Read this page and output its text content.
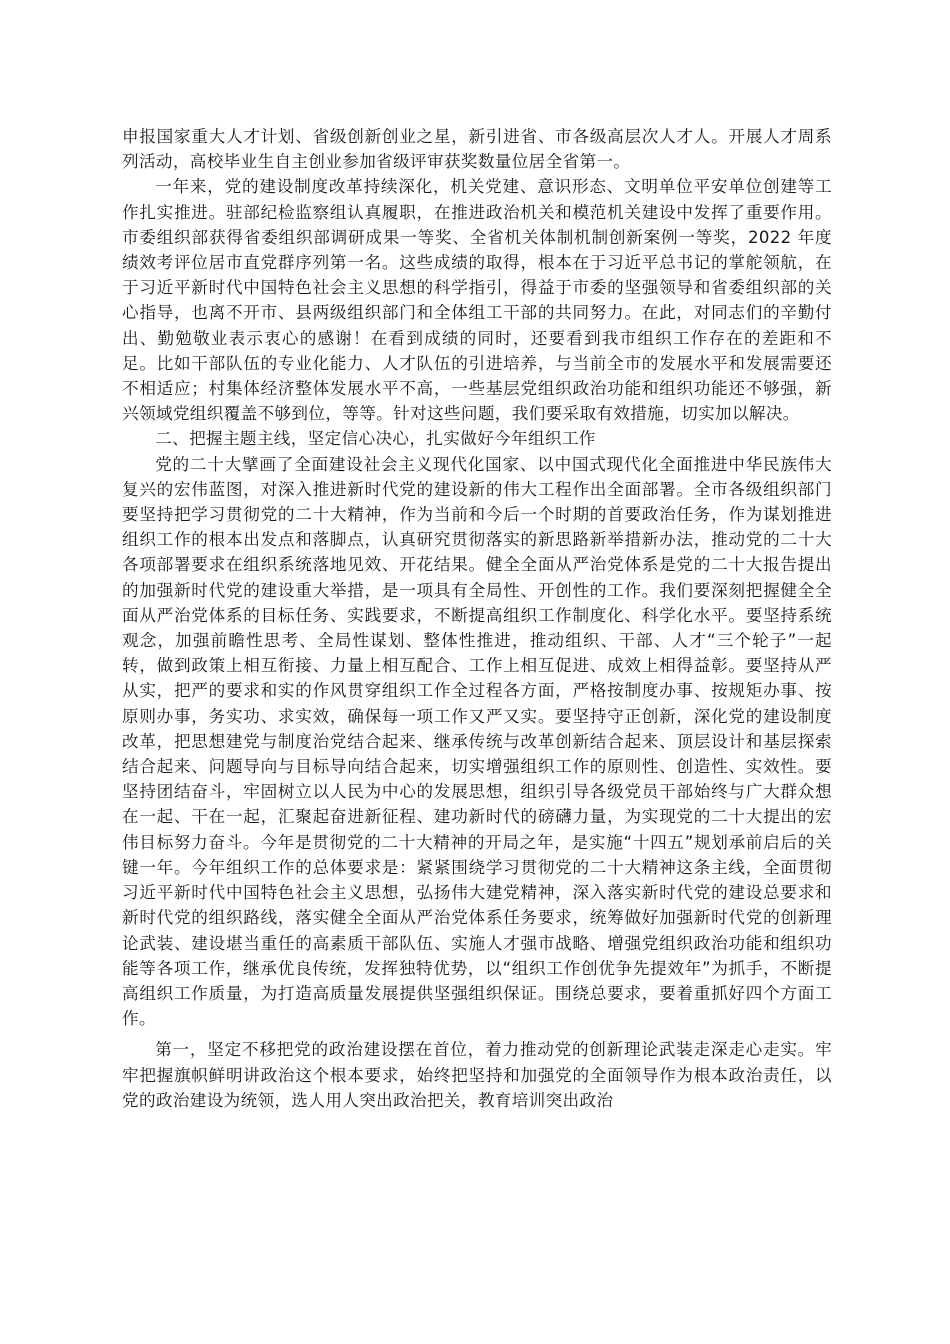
申报国家重大人才计划、省级创新创业之星，新引进省、市各级高层次人才人。开展人才周系列活动，高校毕业生自主创业参加省级评审获奖数量位居全省第一。

一年来，党的建设制度改革持续深化，机关党建、意识形态、文明单位平安单位创建等工作扎实推进。驻部纪检监察组认真履职，在推进政治机关和模范机关建设中发挥了重要作用。市委组织部获得省委组织部调研成果一等奖、全省机关体制机制创新案例一等奖，2022 年度绩效考评位居市直党群序列第一名。这些成绩的取得，根本在于习近平总书记的掌舵领航，在于习近平新时代中国特色社会主义思想的科学指引，得益于市委的坚强领导和省委组织部的关心指导，也离不开市、县两级组织部门和全体组工干部的共同努力。在此，对同志们的辛勤付出、勤勉敬业表示衷心的感谢！在看到成绩的同时，还要看到我市组织工作存在的差距和不足。比如干部队伍的专业化能力、人才队伍的引进培养，与当前全市的发展水平和发展需要还不相适应；村集体经济整体发展水平不高，一些基层党组织政治功能和组织功能还不够强，新兴领域党组织覆盖不够到位，等等。针对这些问题，我们要采取有效措施，切实加以解决。

二、把握主题主线，坚定信心决心，扎实做好今年组织工作

党的二十大擘画了全面建设社会主义现代化国家、以中国式现代化全面推进中华民族伟大复兴的宏伟蓝图，对深入推进新时代党的建设新的伟大工程作出全面部署。全市各级组织部门要坚持把学习贯彻党的二十大精神，作为当前和今后一个时期的首要政治任务，作为谋划推进组织工作的根本出发点和落脚点，认真研究贯彻落实的新思路新举措新办法，推动党的二十大各项部署要求在组织系统落地见效、开花结果。健全全面从严治党体系是党的二十大报告提出的加强新时代党的建设重大举措，是一项具有全局性、开创性的工作。我们要深刻把握健全全面从严治党体系的目标任务、实践要求，不断提高组织工作制度化、科学化水平。要坚持系统观念，加强前瞻性思考、全局性谋划、整体性推进，推动组织、干部、人才“三个轮子”一起转，做到政策上相互衔接、力量上相互配合、工作上相互促进、成效上相得益彰。要坚持从严从实，把严的要求和实的作风贯穿组织工作全过程各方面，严格按制度办事、按规矩办事、按原则办事，务实功、求实效，确保每一项工作又严又实。要坚持守正创新，深化党的建设制度改革，把思想建党与制度治党结合起来、继承传统与改革创新结合起来、顶层设计和基层探索结合起来、问题导向与目标导向结合起来，切实增强组织工作的原则性、创造性、实效性。要坚持团结奋斗，牢固树立以人民为中心的发展思想，组织引导各级党员干部始终与广大群众想在一起、干在一起，汇聚起奋进新征程、建功新时代的磅礴力量，为实现党的二十大提出的宏伟目标努力奋斗。今年是贯彻党的二十大精神的开局之年，是实施“十四五”规划承前启后的关键一年。今年组织工作的总体要求是：紧紧围绕学习贯彻党的二十大精神这条主线，全面贯彻习近平新时代中国特色社会主义思想，弘扬伟大建党精神，深入落实新时代党的建设总要求和新时代党的组织路线，落实健全全面从严治党体系任务要求，统筹做好加强新时代党的创新理论武装、建设堪当重任的高素质干部队伍、实施人才强市战略、增强党组织政治功能和组织功能等各项工作，继承优良传统，发挥独特优势，以“组织工作创优争先提效年”为抓手，不断提高组织工作质量，为打造高质量发展提供坚强组织保证。围绕总要求，要着重抓好四个方面工作。

第一，坚定不移把党的政治建设摆在首位，着力推动党的创新理论武装走深走心走实。牢牢把握旗帜鲜明讲政治这个根本要求，始终把坚持和加强党的全面领导作为根本政治责任，以党的政治建设为统领，选人用人突出政治把关，教育培训突出政治
